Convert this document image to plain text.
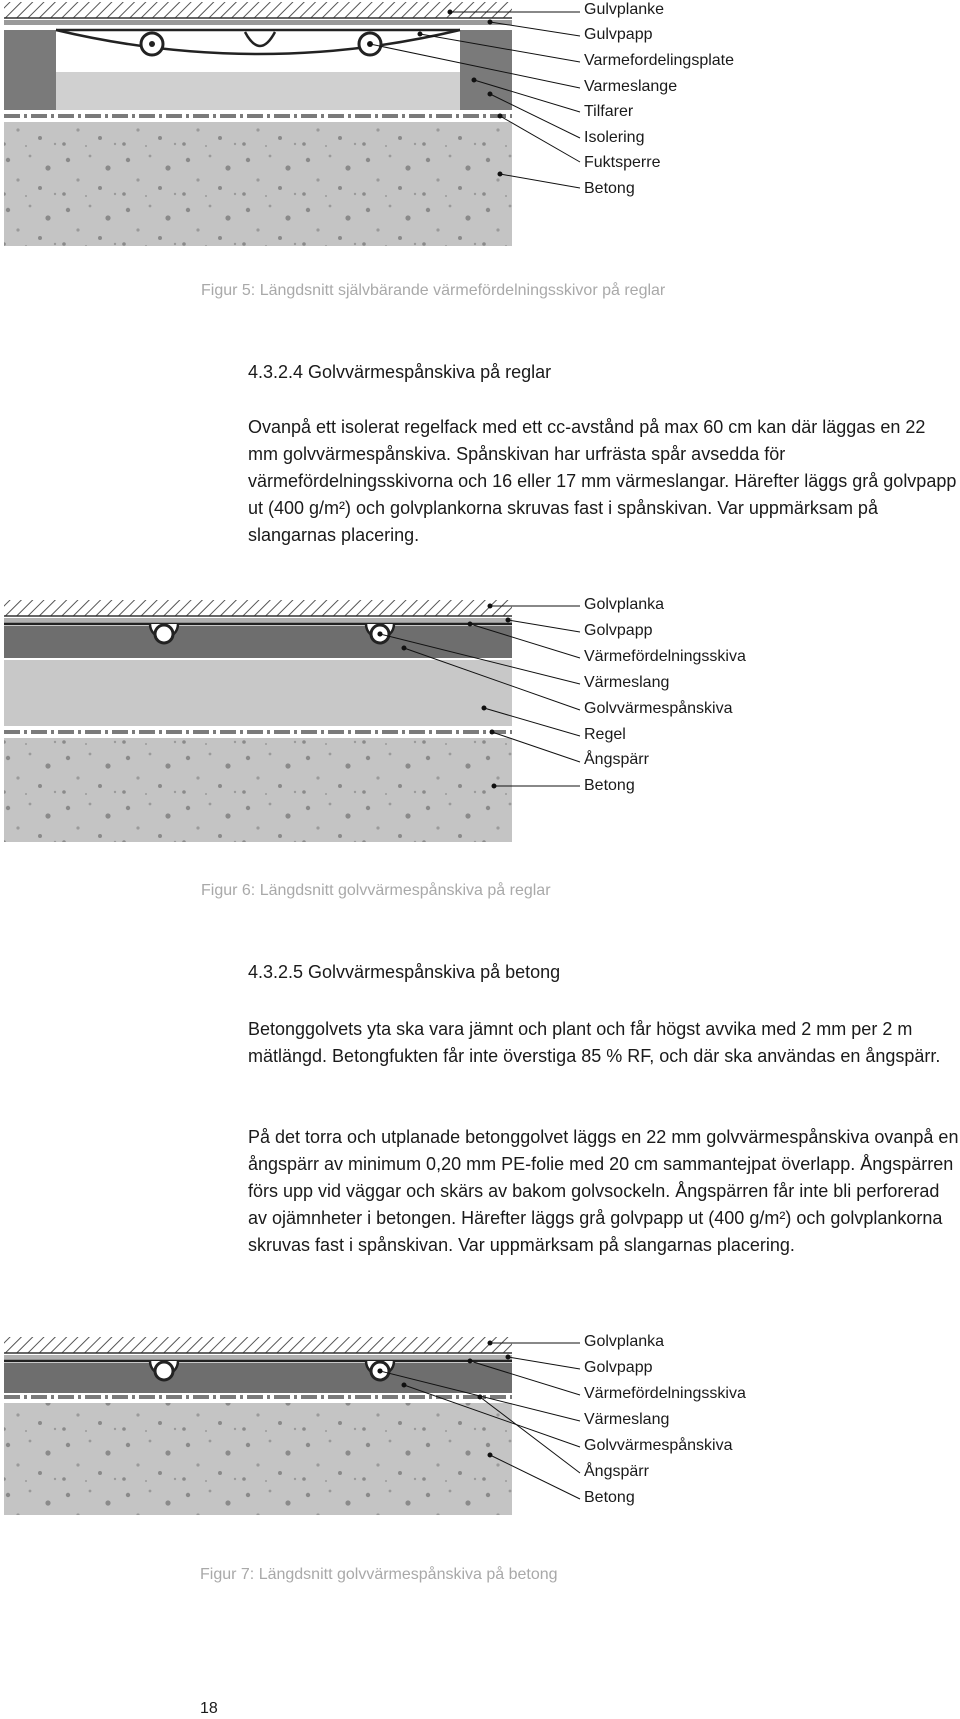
Gulvplanke
Gulvpapp
Varmefordelingsplate
Varmeslange
Tilfarer
Isolering
Fuktsperre
Betong
Figur 5: Längdsnitt självbärande värmefördelningsskivor på reglar
4.3.2.4 Golvvärmespånskiva på reglar

Ovanpå ett isolerat regelfack med ett cc-avstånd på max 60 cm kan där läggas en 22 mm golvvärmespånskiva. Spånskivan har urfrästa spår avsedda för värmefördelningsskivorna och 16 eller 17 mm värmeslangar. Härefter läggs grå golvpapp ut (400 g/m²) och golvplankorna skruvas fast i spånskivan. Var uppmärksam på slangarnas placering.

Golvplanka
Golvpapp
Värmefördelningsskiva
Värmeslang
Golvvärmespånskiva
Regel
Ångspärr
Betong
Figur 6: Längdsnitt golvvärmespånskiva på reglar
4.3.2.5 Golvvärmespånskiva på betong

Betonggolvets yta ska vara jämnt och plant och får högst avvika med 2 mm per 2 m mätlängd. Betongfukten får inte överstiga 85 % RF, och där ska användas en ångspärr.

På det torra och utplanade betonggolvet läggs en 22 mm golvvärmespånskiva ovanpå en ångspärr av minimum 0,20 mm PE-folie med 20 cm sammantejpat överlapp. Ångspärren förs upp vid väggar och skärs av bakom golvsockeln. Ångspärren får inte bli perforerad av ojämnheter i betongen. Härefter läggs grå golvpapp ut (400 g/m²) och golvplankorna skruvas fast i spånskivan. Var uppmärksam på slangarnas placering.

Golvplanka
Golvpapp
Värmefördelningsskiva
Värmeslang
Golvvärmespånskiva
Ångspärr
Betong
Figur 7: Längdsnitt golvvärmespånskiva på betong
18
